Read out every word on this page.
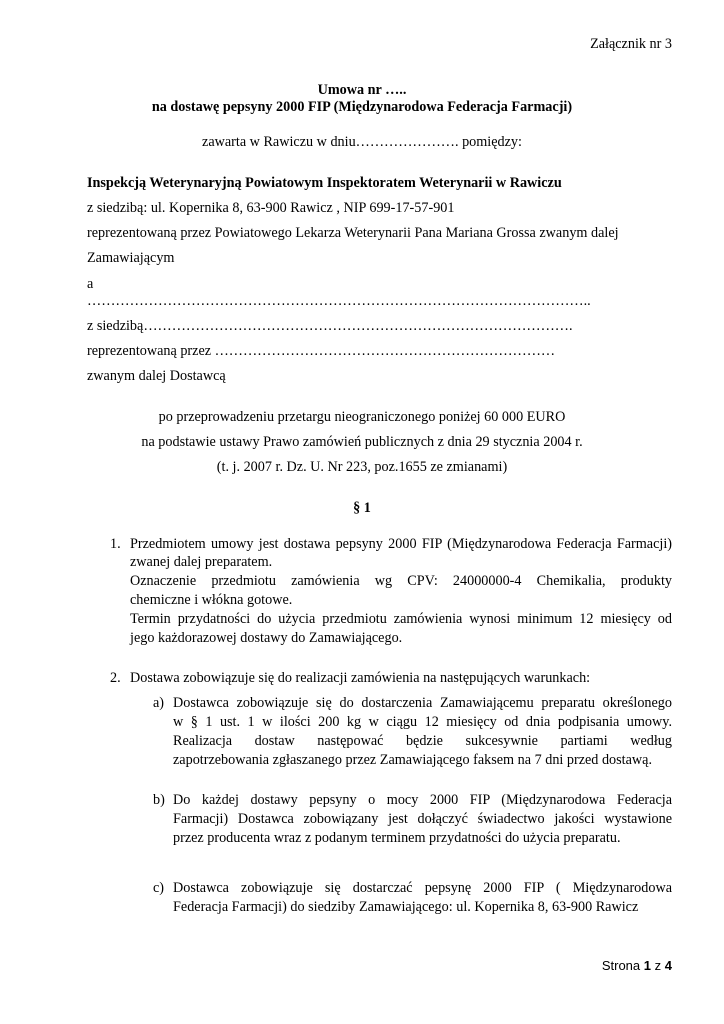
Załącznik nr 3
Umowa nr …..
na dostawę pepsyny 2000 FIP (Międzynarodowa Federacja Farmacji)
zawarta w Rawiczu w dniu…………………. pomiędzy:
Inspekcją Weterynaryjną Powiatowym Inspektoratem Weterynarii w Rawiczu
z siedzibą: ul. Kopernika 8, 63-900 Rawicz , NIP 699-17-57-901
reprezentowaną przez Powiatowego Lekarza Weterynarii Pana Mariana Grossa zwanym dalej
Zamawiającym
a
……………………………………………………………………………………………..
z siedzibą……………………………………………………………………………….
reprezentowaną przez ………………………………………………………………
zwanym dalej Dostawcą
po przeprowadzeniu przetargu nieograniczonego poniżej 60 000 EURO
na podstawie ustawy Prawo zamówień publicznych z dnia 29 stycznia 2004 r.
(t. j. 2007 r. Dz. U. Nr 223, poz.1655 ze zmianami)
§ 1
1. Przedmiotem umowy jest dostawa pepsyny 2000 FIP (Międzynarodowa Federacja Farmacji)
zwanej dalej preparatem.
Oznaczenie przedmiotu zamówienia wg CPV: 24000000-4 Chemikalia, produkty
chemiczne i włókna gotowe.
Termin przydatności do użycia przedmiotu zamówienia wynosi minimum 12 miesięcy od
jego każdorazowej dostawy do Zamawiającego.
2. Dostawa zobowiązuje się do realizacji zamówienia na następujących warunkach:
a) Dostawca zobowiązuje się do dostarczenia Zamawiającemu preparatu określonego
w § 1 ust. 1 w ilości 200 kg w ciągu 12 miesięcy od dnia podpisania umowy.
Realizacja dostaw następować będzie sukcesywnie partiami według
zapotrzebowania zgłaszanego przez Zamawiającego faksem na 7 dni przed dostawą.
b) Do każdej dostawy pepsyny o mocy 2000 FIP (Międzynarodowa Federacja
Farmacji) Dostawca zobowiązany jest dołączyć świadectwo jakości wystawione
przez producenta wraz z podanym terminem przydatności do użycia preparatu.
c) Dostawca zobowiązuje się dostarczać pepsynę 2000 FIP ( Międzynarodowa
Federacja Farmacji) do siedziby Zamawiającego: ul. Kopernika 8, 63-900 Rawicz
Strona 1 z 4
